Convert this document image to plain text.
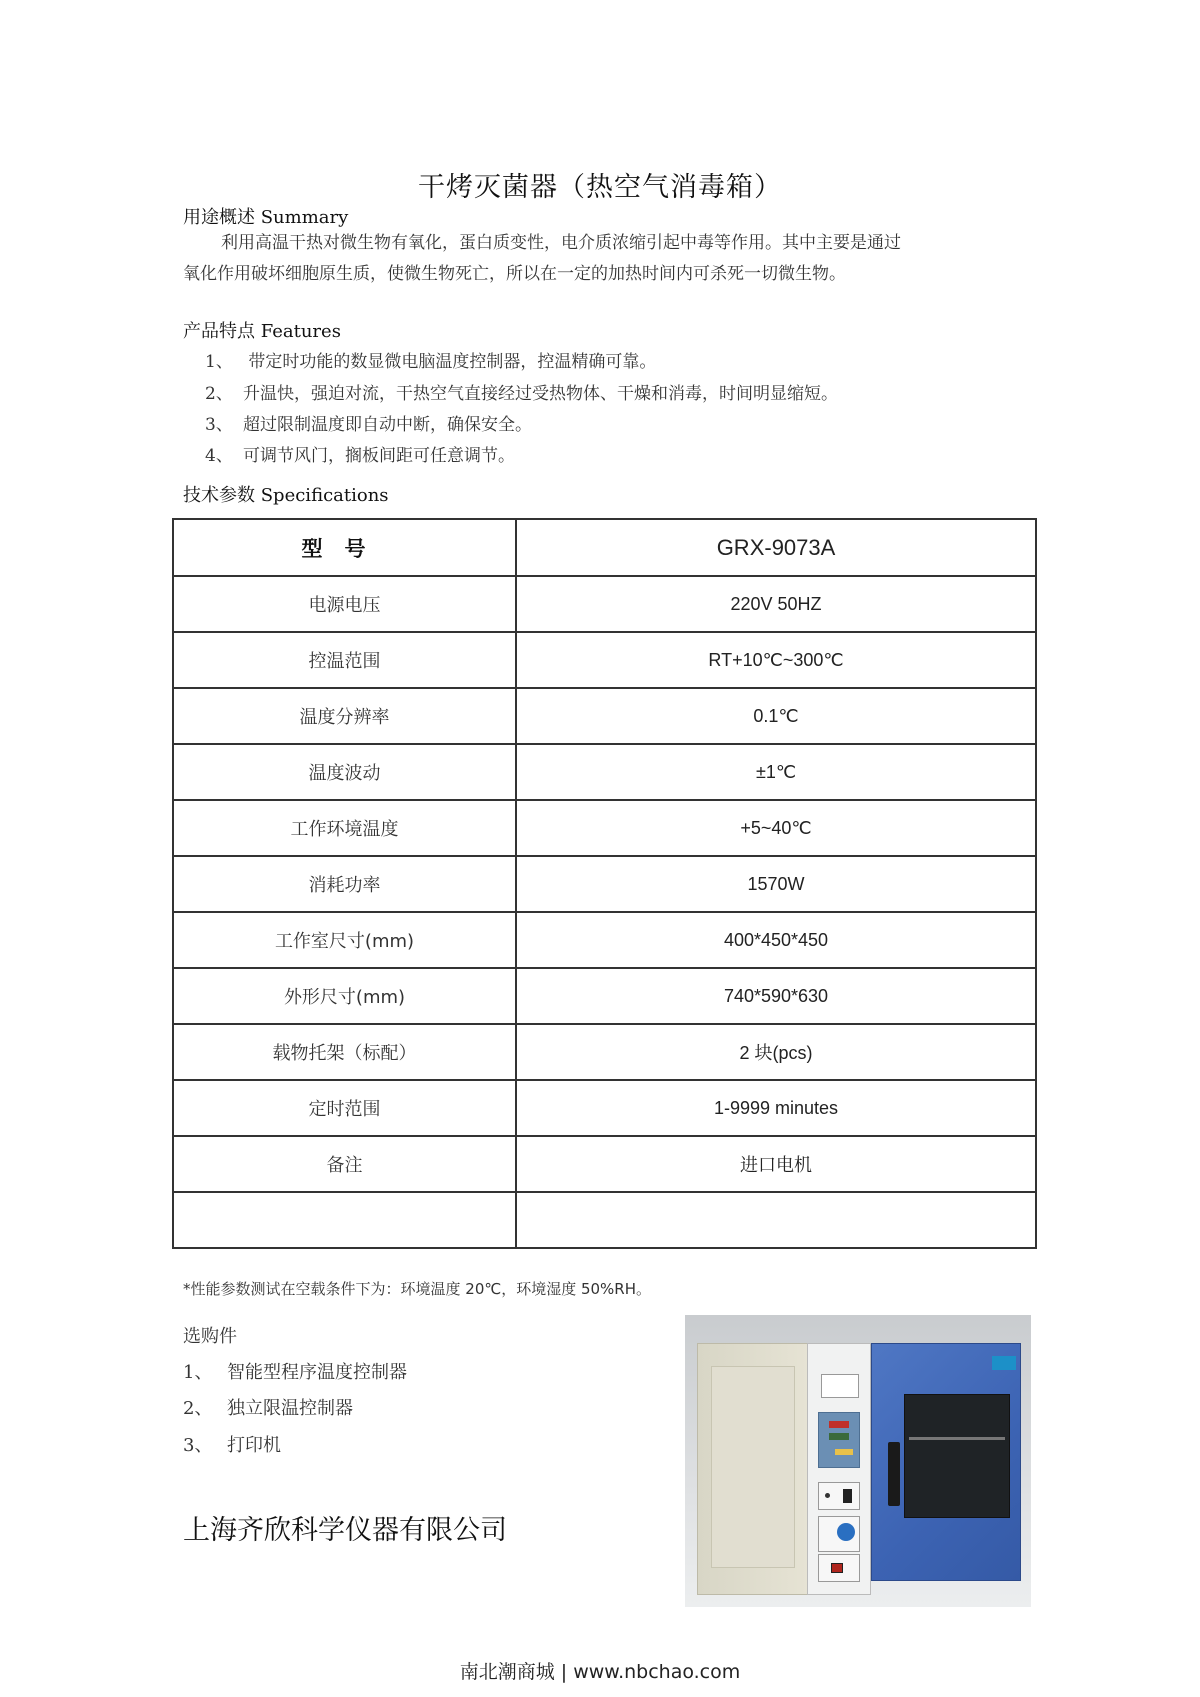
干烤灭菌器（热空气消毒箱）
用途概述 Summary
利用高温干热对微生物有氧化，蛋白质变性，电介质浓缩引起中毒等作用。其中主要是通过
氧化作用破坏细胞原生质，使微生物死亡，所以在一定的加热时间内可杀死一切微生物。
产品特点 Features
1、 带定时功能的数显微电脑温度控制器，控温精确可靠。
2、 升温快，强迫对流，干热空气直接经过受热物体、干燥和消毒，时间明显缩短。
3、 超过限制温度即自动中断，确保安全。
4、 可调节风门，搁板间距可任意调节。
技术参数 Specifications
型号	GRX-9073A
电源电压	220V 50HZ
控温范围	RT+10℃~300℃
温度分辨率	0.1℃
温度波动	±1℃
工作环境温度	+5~40℃
消耗功率	1570W
工作室尺寸(mm)	400*450*450
外形尺寸(mm)	740*590*630
载物托架（标配）	2 块(pcs)
定时范围	1-9999 minutes
备注	进口电机

*性能参数测试在空载条件下为：环境温度 20℃，环境湿度 50%RH。
选购件
1、 智能型程序温度控制器
2、 独立限温控制器
3、 打印机
上海齐欣科学仪器有限公司
南北潮商城 | www.nbchao.com
